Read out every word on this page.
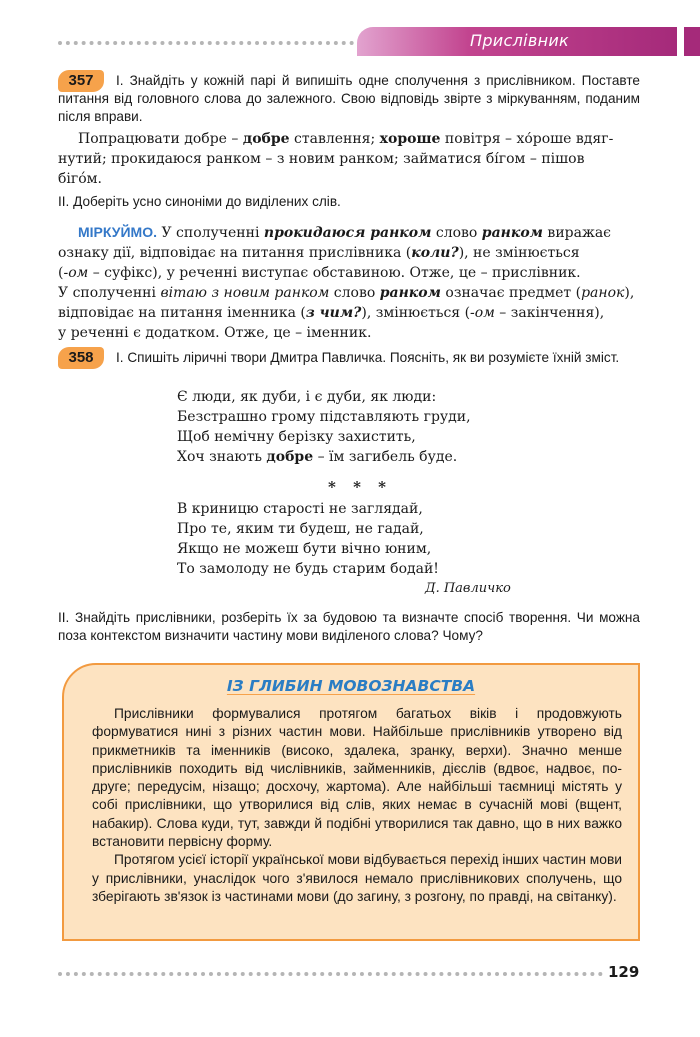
Прислівник
357	І. Знайдіть у кожній парі й випишіть одне сполучення з прислівником. Поставте питання від головного слова до залежного. Свою відповідь звірте з міркуванням, поданим після вправи.

Попрацювати добре – добре ставлення; хороше повітря – хо́роше вдяг-

нутий; прокидаюся ранком – з новим ранком; займатися бі́гом – пішов

бігóм.

ІІ. Доберіть усно синоніми до виділених слів.

МІРКУЙМО. У сполученні прокидаюся ранком слово ранком виражає

ознаку дії, відповідає на питання прислівника (коли?), не змінюється

(-ом – суфікс), у реченні виступає обставиною. Отже, це – прислівник.

У сполученні вітаю з новим ранком слово ранком означає предмет (ранок),

відповідає на питання іменника (з чим?), змінюється (-ом – закінчення),

у реченні є додатком. Отже, це – іменник.

358	І. Спишіть ліричні твори Дмитра Павличка. Поясніть, як ви розумієте їхній зміст.

Є люди, як дуби, і є дуби, як люди:

Безстрашно грому підставляють груди,

Щоб немічну берізку захистить,

Хоч знають добре – їм загибель буде.

* * *

В криницю старості не заглядай,

Про те, яким ти будеш, не гадай,

Якщо не можеш бути вічно юним,

То замолоду не будь старим бодай!

Д. Павличко
ІІ. Знайдіть прислівники, розберіть їх за будовою та визначте спосіб творення. Чи можна поза контекстом визначити частину мови виділеного слова? Чому?
ІЗ ГЛИБИН МОВОЗНАВСТВА

Прислівники формувалися протягом багатьох віків і продовжують формуватися нині з різних частин мови. Найбільше прислівників утворено від прикметників та іменників (високо, здалека, зранку, верхи). Значно менше прислівників походить від числівників, займенників, дієслів (вдвоє, надвоє, по-друге; передусім, нізащо; досхочу, жартома). Але найбільші таємниці містять у собі прислівники, що утворилися від слів, яких немає в сучасній мові (вщент, набакир). Слова куди, тут, завжди й подібні утворилися так давно, що в них важко встановити первісну форму.

Протягом усієї історії української мови відбувається перехід інших частин мови у прислівники, унаслідок чого з'явилося немало прислівникових сполучень, що зберігають зв'язок із частинами мови (до загину, з розгону, по правді, на світанку).

129
